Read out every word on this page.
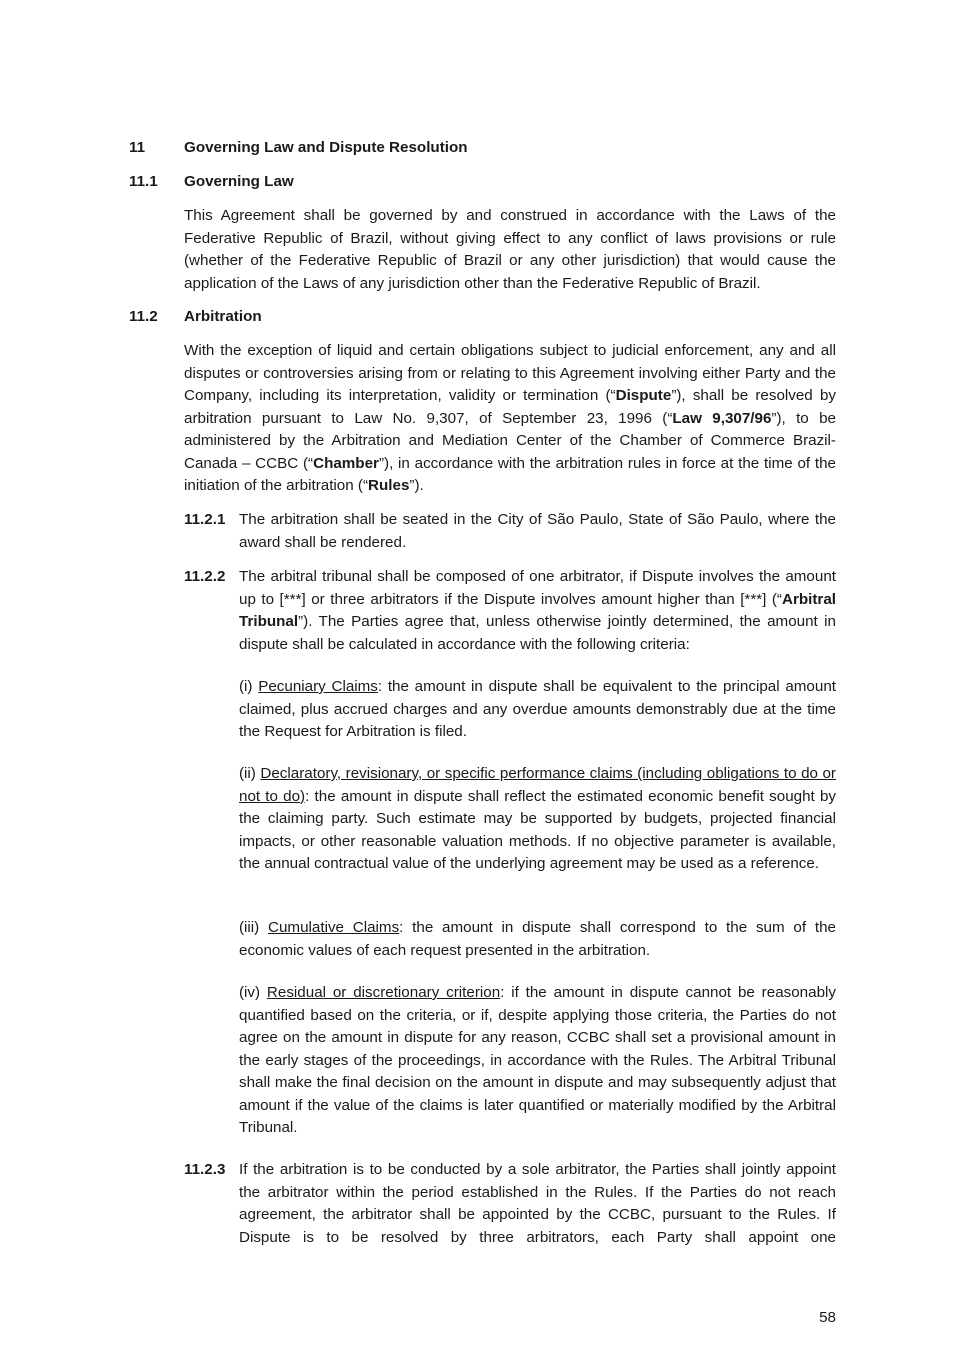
11	Governing Law and Dispute Resolution
11.1 Governing Law
This Agreement shall be governed by and construed in accordance with the Laws of the Federative Republic of Brazil, without giving effect to any conflict of laws provisions or rule (whether of the Federative Republic of Brazil or any other jurisdiction) that would cause the application of the Laws of any jurisdiction other than the Federative Republic of Brazil.
11.2 Arbitration
With the exception of liquid and certain obligations subject to judicial enforcement, any and all disputes or controversies arising from or relating to this Agreement involving either Party and the Company, including its interpretation, validity or termination (“Dispute”), shall be resolved by arbitration pursuant to Law No. 9,307, of September 23, 1996 (“Law 9,307/96”), to be administered by the Arbitration and Mediation Center of the Chamber of Commerce Brazil-Canada – CCBC (“Chamber”), in accordance with the arbitration rules in force at the time of the initiation of the arbitration (“Rules”).
11.2.1 The arbitration shall be seated in the City of São Paulo, State of São Paulo, where the award shall be rendered.
11.2.2 The arbitral tribunal shall be composed of one arbitrator, if Dispute involves the amount up to [***] or three arbitrators if the Dispute involves amount higher than [***] (“Arbitral Tribunal”). The Parties agree that, unless otherwise jointly determined, the amount in dispute shall be calculated in accordance with the following criteria:
(i) Pecuniary Claims: the amount in dispute shall be equivalent to the principal amount claimed, plus accrued charges and any overdue amounts demonstrably due at the time the Request for Arbitration is filed.
(ii) Declaratory, revisionary, or specific performance claims (including obligations to do or not to do): the amount in dispute shall reflect the estimated economic benefit sought by the claiming party. Such estimate may be supported by budgets, projected financial impacts, or other reasonable valuation methods. If no objective parameter is available, the annual contractual value of the underlying agreement may be used as a reference.
(iii) Cumulative Claims: the amount in dispute shall correspond to the sum of the economic values of each request presented in the arbitration.
(iv) Residual or discretionary criterion: if the amount in dispute cannot be reasonably quantified based on the criteria, or if, despite applying those criteria, the Parties do not agree on the amount in dispute for any reason, CCBC shall set a provisional amount in the early stages of the proceedings, in accordance with the Rules. The Arbitral Tribunal shall make the final decision on the amount in dispute and may subsequently adjust that amount if the value of the claims is later quantified or materially modified by the Arbitral Tribunal.
11.2.3 If the arbitration is to be conducted by a sole arbitrator, the Parties shall jointly appoint the arbitrator within the period established in the Rules. If the Parties do not reach agreement, the arbitrator shall be appointed by the CCBC, pursuant to the Rules. If Dispute is to be resolved by three arbitrators, each Party shall appoint one
58
